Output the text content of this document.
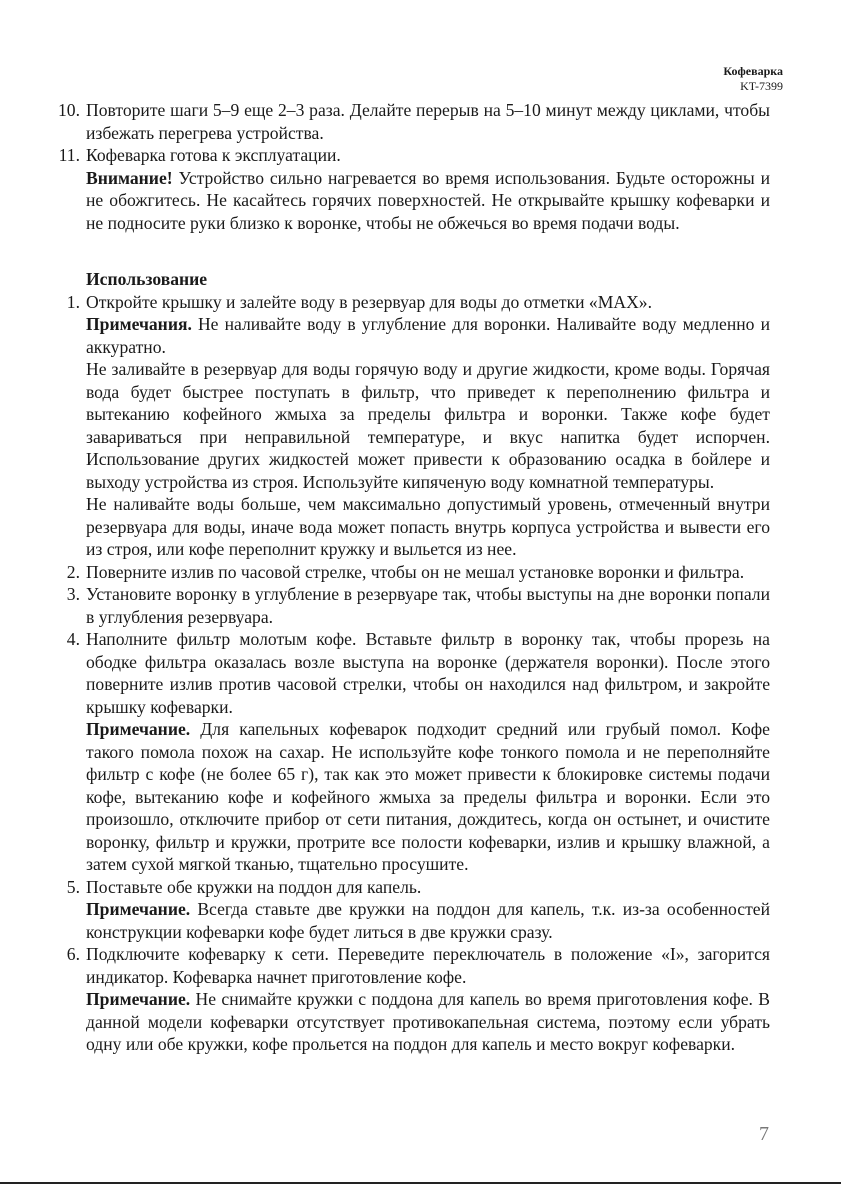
Кофеварка
KT-7399
10. Повторите шаги 5–9 еще 2–3 раза. Делайте перерыв на 5–10 минут между циклами, чтобы избежать перегрева устройства.
11. Кофеварка готова к эксплуатации.
Внимание! Устройство сильно нагревается во время использования. Будьте осторожны и не обожгитесь. Не касайтесь горячих поверхностей. Не открывайте крышку кофеварки и не подносите руки близко к воронке, чтобы не обжечься во время подачи воды.
Использование
1. Откройте крышку и залейте воду в резервуар для воды до отметки «MAX».
Примечания. Не наливайте воду в углубление для воронки. Наливайте воду медленно и аккуратно.
Не заливайте в резервуар для воды горячую воду и другие жидкости, кроме воды. Горячая вода будет быстрее поступать в фильтр, что приведет к переполнению фильтра и вытеканию кофейного жмыха за пределы фильтра и воронки. Также кофе будет завариваться при неправильной температуре, и вкус напитка будет испорчен. Использование других жидкостей может привести к образованию осадка в бойлере и выходу устройства из строя. Используйте кипяченую воду комнатной температуры.
Не наливайте воды больше, чем максимально допустимый уровень, отмеченный внутри резервуара для воды, иначе вода может попасть внутрь корпуса устройства и вывести его из строя, или кофе переполнит кружку и выльется из нее.
2. Поверните излив по часовой стрелке, чтобы он не мешал установке воронки и фильтра.
3. Установите воронку в углубление в резервуаре так, чтобы выступы на дне воронки попали в углубления резервуара.
4. Наполните фильтр молотым кофе. Вставьте фильтр в воронку так, чтобы прорезь на ободке фильтра оказалась возле выступа на воронке (держателя воронки). После этого поверните излив против часовой стрелки, чтобы он находился над фильтром, и закройте крышку кофеварки.
Примечание. Для капельных кофеварок подходит средний или грубый помол. Кофе такого помола похож на сахар. Не используйте кофе тонкого помола и не переполняйте фильтр с кофе (не более 65 г), так как это может привести к блокировке системы подачи кофе, вытеканию кофе и кофейного жмыха за пределы фильтра и воронки. Если это произошло, отключите прибор от сети питания, дождитесь, когда он остынет, и очистите воронку, фильтр и кружки, протрите все полости кофеварки, излив и крышку влажной, а затем сухой мягкой тканью, тщательно просушите.
5. Поставьте обе кружки на поддон для капель.
Примечание. Всегда ставьте две кружки на поддон для капель, т.к. из-за особенностей конструкции кофеварки кофе будет литься в две кружки сразу.
6. Подключите кофеварку к сети. Переведите переключатель в положение «I», загорится индикатор. Кофеварка начнет приготовление кофе.
Примечание. Не снимайте кружки с поддона для капель во время приготовления кофе. В данной модели кофеварки отсутствует противокапельная система, поэтому если убрать одну или обе кружки, кофе прольется на поддон для капель и место вокруг кофеварки.
7
